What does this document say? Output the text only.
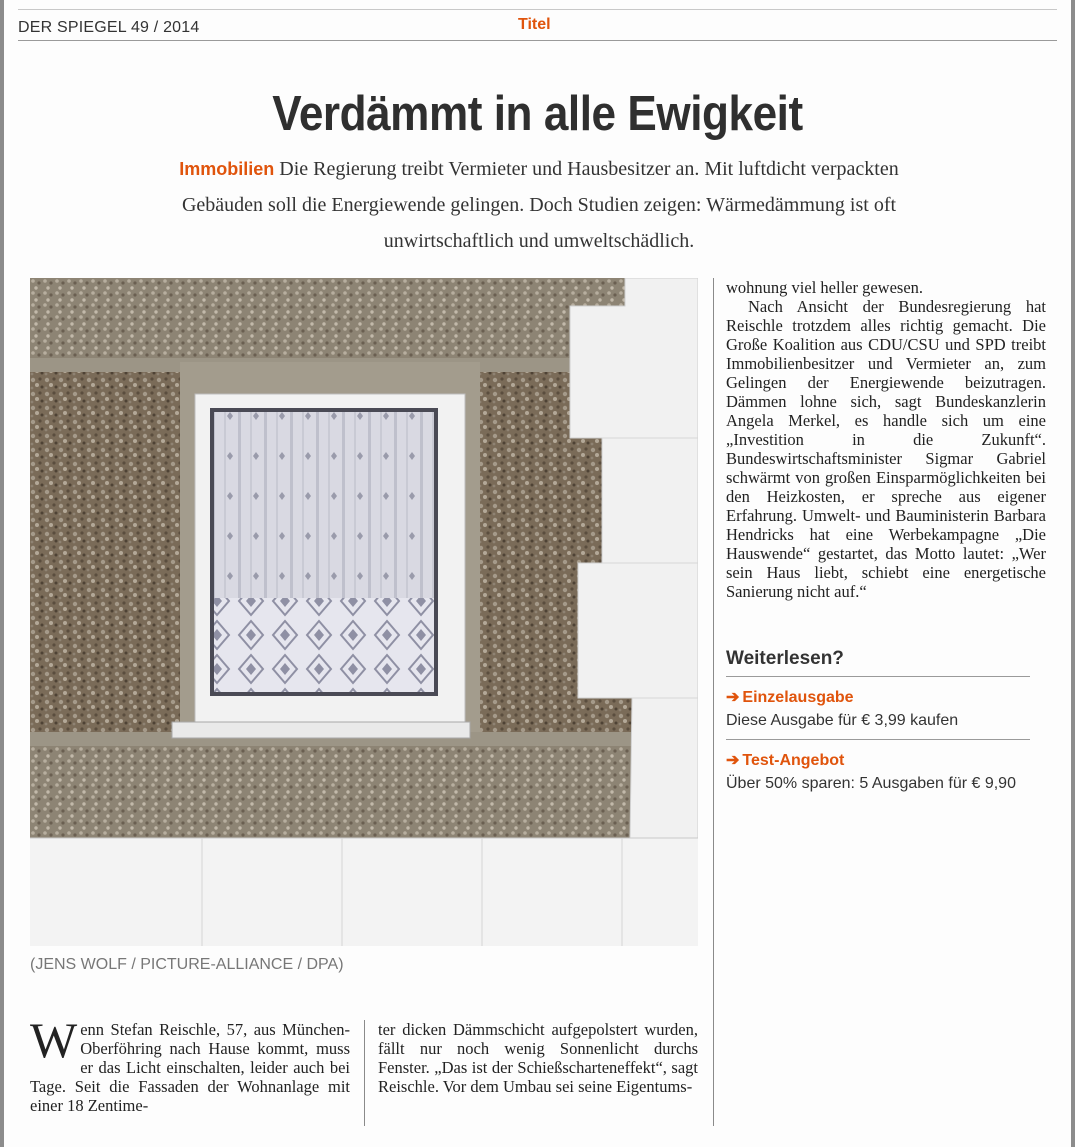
DER SPIEGEL 49 / 2014	Titel
Verdämmt in alle Ewigkeit
Immobilien Die Regierung treibt Vermieter und Hausbesitzer an. Mit luftdicht verpackten Gebäuden soll die Energiewende gelingen. Doch Studien zeigen: Wärmedämmung ist oft unwirtschaftlich und umweltschädlich.
(JENS WOLF / PICTURE-ALLIANCE / DPA)

Wenn Stefan Reischle, 57, aus München-Oberföhring nach Hause kommt, muss er das Licht einschalten, leider auch bei Tage. Seit die Fassaden der Wohnanlage mit einer 18 Zentime-

ter dicken Dämmschicht aufgepolstert wurden, fällt nur noch wenig Sonnenlicht durchs Fenster. „Das ist der Schießscharteneffekt“, sagt Reischle. Vor dem Umbau sei seine Eigentums-

wohnung viel heller gewesen.

Nach Ansicht der Bundesregierung hat Reischle trotzdem alles richtig gemacht. Die Große Koalition aus CDU/CSU und SPD treibt Immobilienbesitzer und Vermieter an, zum Gelingen der Energiewende beizutragen. Dämmen lohne sich, sagt Bundeskanzlerin Angela Merkel, es handle sich um eine „Investition in die Zukunft“. Bundeswirtschaftsminister Sigmar Gabriel schwärmt von großen Einsparmöglichkeiten bei den Heizkosten, er spreche aus eigener Erfahrung. Umwelt- und Bauministerin Barbara Hendricks hat eine Werbekampagne „Die Hauswende“ gestartet, das Motto lautet: „Wer sein Haus liebt, schiebt eine energetische Sanierung nicht auf.“

Weiterlesen?
➔ Einzelausgabe
Diese Ausgabe für € 3,99 kaufen
➔ Test-Angebot
Über 50% sparen: 5 Ausgaben für € 9,90
